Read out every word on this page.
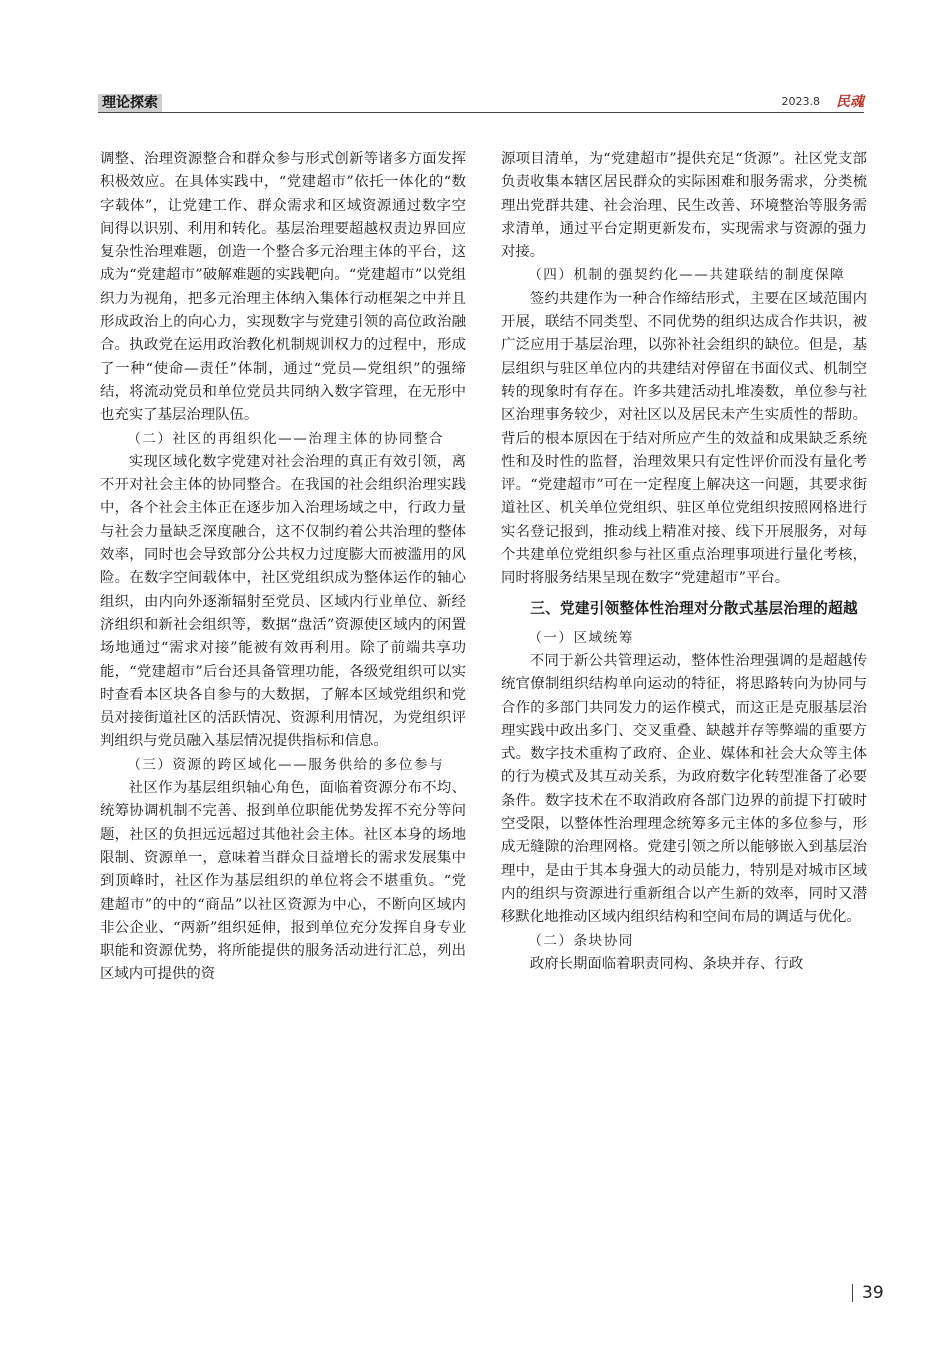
理论探索	2023.8 民魂

调整、治理资源整合和群众参与形式创新等诸多方面发挥积极效应。在具体实践中，“党建超市”依托一体化的“数字载体”，让党建工作、群众需求和区域资源通过数字空间得以识别、利用和转化。基层治理要超越权责边界回应复杂性治理难题，创造一个整合多元治理主体的平台，这成为“党建超市”破解难题的实践靶向。“党建超市”以党组织力为视角，把多元治理主体纳入集体行动框架之中并且形成政治上的向心力，实现数字与党建引领的高位政治融合。执政党在运用政治教化机制规训权力的过程中，形成了一种“使命—责任”体制，通过“党员—党组织”的强缔结，将流动党员和单位党员共同纳入数字管理，在无形中也充实了基层治理队伍。

（二）社区的再组织化——治理主体的协同整合

实现区域化数字党建对社会治理的真正有效引领，离不开对社会主体的协同整合。在我国的社会组织治理实践中，各个社会主体正在逐步加入治理场域之中，行政力量与社会力量缺乏深度融合，这不仅制约着公共治理的整体效率，同时也会导致部分公共权力过度膨大而被滥用的风险。在数字空间载体中，社区党组织成为整体运作的轴心组织，由内向外逐渐辐射至党员、区域内行业单位、新经济组织和新社会组织等，数据“盘活”资源使区域内的闲置场地通过“需求对接”能被有效再利用。除了前端共享功能，“党建超市”后台还具备管理功能，各级党组织可以实时查看本区块各自参与的大数据，了解本区域党组织和党员对接街道社区的活跃情况、资源利用情况，为党组织评判组织与党员融入基层情况提供指标和信息。

（三）资源的跨区域化——服务供给的多位参与

社区作为基层组织轴心角色，面临着资源分布不均、统筹协调机制不完善、报到单位职能优势发挥不充分等问题，社区的负担远远超过其他社会主体。社区本身的场地限制、资源单一，意味着当群众日益增长的需求发展集中到顶峰时，社区作为基层组织的单位将会不堪重负。“党建超市”的中的“商品”以社区资源为中心，不断向区域内非公企业、“两新”组织延伸，报到单位充分发挥自身专业职能和资源优势，将所能提供的服务活动进行汇总，列出区域内可提供的资

源项目清单，为“党建超市”提供充足“货源”。社区党支部负责收集本辖区居民群众的实际困难和服务需求，分类梳理出党群共建、社会治理、民生改善、环境整治等服务需求清单，通过平台定期更新发布，实现需求与资源的强力对接。

（四）机制的强契约化——共建联结的制度保障

签约共建作为一种合作缔结形式，主要在区域范围内开展，联结不同类型、不同优势的组织达成合作共识，被广泛应用于基层治理，以弥补社会组织的缺位。但是，基层组织与驻区单位内的共建结对停留在书面仪式、机制空转的现象时有存在。许多共建活动扎堆凑数，单位参与社区治理事务较少，对社区以及居民未产生实质性的帮助。背后的根本原因在于结对所应产生的效益和成果缺乏系统性和及时性的监督，治理效果只有定性评价而没有量化考评。“党建超市”可在一定程度上解决这一问题，其要求街道社区、机关单位党组织、驻区单位党组织按照网格进行实名登记报到，推动线上精准对接、线下开展服务，对每个共建单位党组织参与社区重点治理事项进行量化考核，同时将服务结果呈现在数字“党建超市”平台。

三、党建引领整体性治理对分散式基层治理的超越

（一）区域统筹

不同于新公共管理运动，整体性治理强调的是超越传统官僚制组织结构单向运动的特征，将思路转向为协同与合作的多部门共同发力的运作模式，而这正是克服基层治理实践中政出多门、交叉重叠、缺越并存等弊端的重要方式。数字技术重构了政府、企业、媒体和社会大众等主体的行为模式及其互动关系，为政府数字化转型准备了必要条件。数字技术在不取消政府各部门边界的前提下打破时空受限，以整体性治理理念统筹多元主体的多位参与，形成无缝隙的治理网格。党建引领之所以能够嵌入到基层治理中，是由于其本身强大的动员能力，特别是对城市区域内的组织与资源进行重新组合以产生新的效率，同时又潜移默化地推动区域内组织结构和空间布局的调适与优化。

（二）条块协同

政府长期面临着职责同构、条块并存、行政

39
